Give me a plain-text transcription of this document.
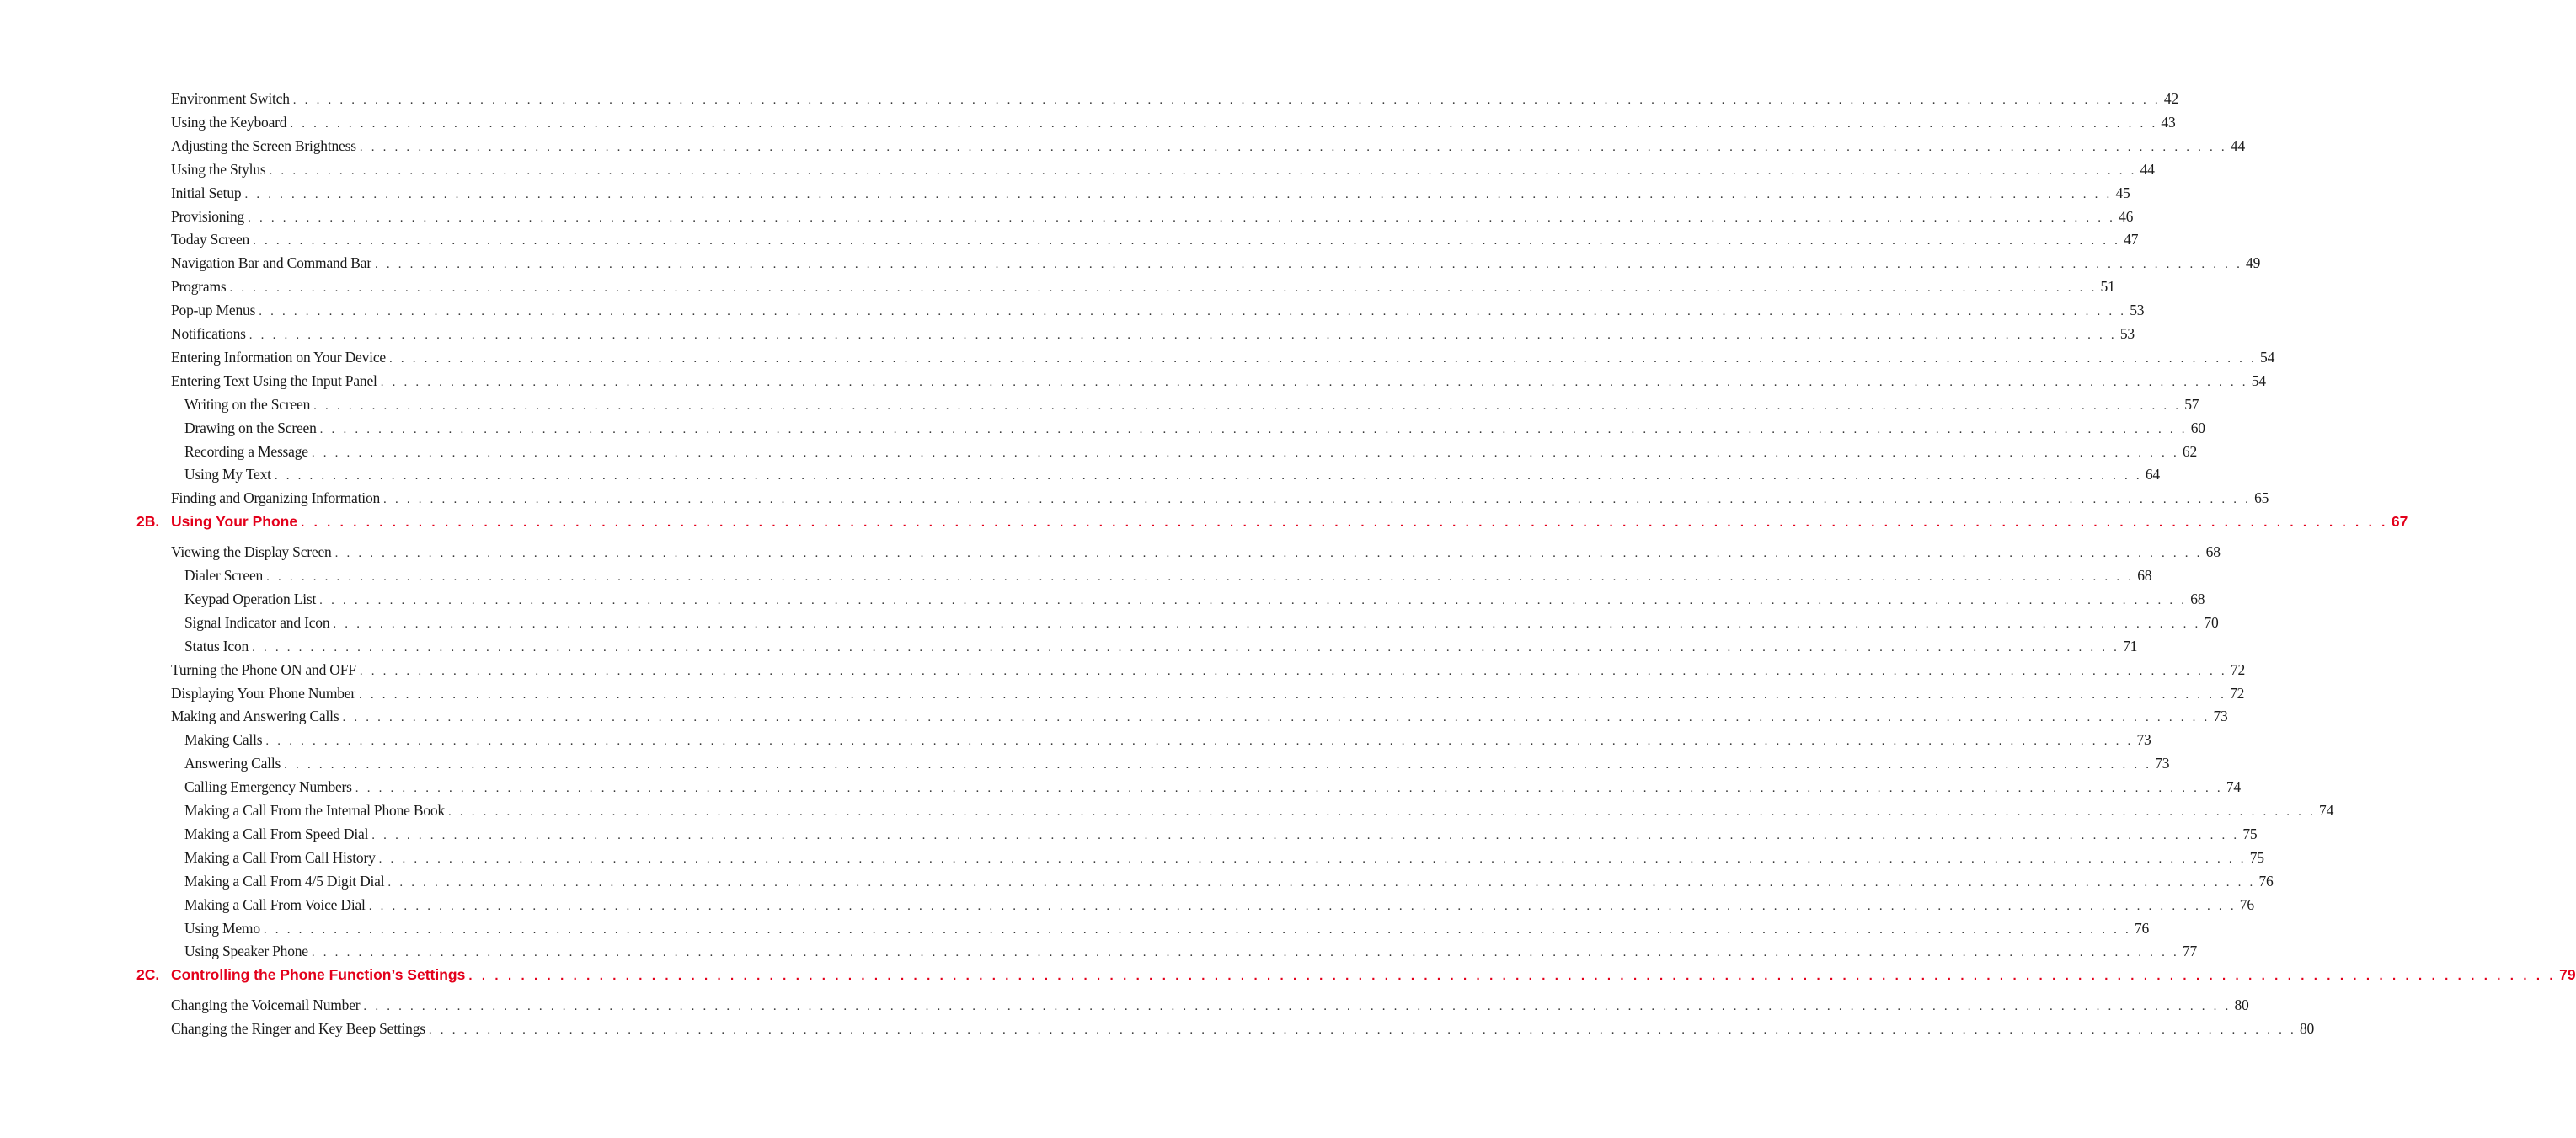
Environment Switch . . . . . . . . . . . . . . . . . . . . . . . . . . . . . . . . . . . . . . . . . . . . . . . . . . . . . . . . . . . . . . . . . . . . . . . . . . . . . . . . . . . . . . . . . . . . . . . . . . . . . . . . . . . . . . . . . . . . . . . . . . . . . . . . . . . . . . . . . . . . . . . . . . . . . . . . . . . . . . . . 42
Using the Keyboard . . . . . . . . . . . . . . . . . . . . . . . . . . . . . . . . . . . . . . . . . . . . . . . . . . . . . . . . . . . . . . . . . . . . . . . . . . . . . . . . . . . . . . . . . . . . . . . . . . . . . . . . . . . . . . . . . . . . . . . . . . . . . . . . . . . . . . . . . . . . . . . . . . . . . . . . . . . . . . . . 43
Adjusting the Screen Brightness . . . . . . . . . . . . . . . . . . . . . . . . . . . . . . . . . . . . . . . . . . . . . . . . . . . . . . . . . . . . . . . . . . . . . . . . . . . . . . . . . . . . . . . . . . . . . . . . . . . . . . . . . . . . . . . . . . . . . . . . . . . . . . . . . . . . . . . . . . . . . . . . . . . . . . . . . . . . . . . . 44
Using the Stylus . . . . . . . . . . . . . . . . . . . . . . . . . . . . . . . . . . . . . . . . . . . . . . . . . . . . . . . . . . . . . . . . . . . . . . . . . . . . . . . . . . . . . . . . . . . . . . . . . . . . . . . . . . . . . . . . . . . . . . . . . . . . . . . . . . . . . . . . . . . . . . . . . . . . . . . . . . . . . . . . 44
Initial Setup . . . . . . . . . . . . . . . . . . . . . . . . . . . . . . . . . . . . . . . . . . . . . . . . . . . . . . . . . . . . . . . . . . . . . . . . . . . . . . . . . . . . . . . . . . . . . . . . . . . . . . . . . . . . . . . . . . . . . . . . . . . . . . . . . . . . . . . . . . . . . . . . . . . . . . . . . . . . . . . . 45
Provisioning . . . . . . . . . . . . . . . . . . . . . . . . . . . . . . . . . . . . . . . . . . . . . . . . . . . . . . . . . . . . . . . . . . . . . . . . . . . . . . . . . . . . . . . . . . . . . . . . . . . . . . . . . . . . . . . . . . . . . . . . . . . . . . . . . . . . . . . . . . . . . . . . . . . . . . . . . . . . . . . . 46
Today Screen . . . . . . . . . . . . . . . . . . . . . . . . . . . . . . . . . . . . . . . . . . . . . . . . . . . . . . . . . . . . . . . . . . . . . . . . . . . . . . . . . . . . . . . . . . . . . . . . . . . . . . . . . . . . . . . . . . . . . . . . . . . . . . . . . . . . . . . . . . . . . . . . . . . . . . . . . . . . . . . . 47
Navigation Bar and Command Bar . . . . . . . . . . . . . . . . . . . . . . . . . . . . . . . . . . . . . . . . . . . . . . . . . . . . . . . . . . . . . . . . . . . . . . . . . . . . . . . . . . . . . . . . . . . . . . . . . . . . . . . . . . . . . . . . . . . . . . . . . . . . . . . . . . . . . . . . . . . . . . . . . . . . . . . . . . . . . . . . 49
Programs . . . . . . . . . . . . . . . . . . . . . . . . . . . . . . . . . . . . . . . . . . . . . . . . . . . . . . . . . . . . . . . . . . . . . . . . . . . . . . . . . . . . . . . . . . . . . . . . . . . . . . . . . . . . . . . . . . . . . . . . . . . . . . . . . . . . . . . . . . . . . . . . . . . . . . . . . . . . . . . . 51
Pop-up Menus . . . . . . . . . . . . . . . . . . . . . . . . . . . . . . . . . . . . . . . . . . . . . . . . . . . . . . . . . . . . . . . . . . . . . . . . . . . . . . . . . . . . . . . . . . . . . . . . . . . . . . . . . . . . . . . . . . . . . . . . . . . . . . . . . . . . . . . . . . . . . . . . . . . . . . . . . . . . . . . . 53
Notifications . . . . . . . . . . . . . . . . . . . . . . . . . . . . . . . . . . . . . . . . . . . . . . . . . . . . . . . . . . . . . . . . . . . . . . . . . . . . . . . . . . . . . . . . . . . . . . . . . . . . . . . . . . . . . . . . . . . . . . . . . . . . . . . . . . . . . . . . . . . . . . . . . . . . . . . . . . . . . . . . 53
Entering Information on Your Device . . . . . . . . . . . . . . . . . . . . . . . . . . . . . . . . . . . . . . . . . . . . . . . . . . . . . . . . . . . . . . . . . . . . . . . . . . . . . . . . . . . . . . . . . . . . . . . . . . . . . . . . . . . . . . . . . . . . . . . . . . . . . . . . . . . . . . . . . . . . . . . . . . . . . . . . . . . . . . . . 54
Entering Text Using the Input Panel . . . . . . . . . . . . . . . . . . . . . . . . . . . . . . . . . . . . . . . . . . . . . . . . . . . . . . . . . . . . . . . . . . . . . . . . . . . . . . . . . . . . . . . . . . . . . . . . . . . . . . . . . . . . . . . . . . . . . . . . . . . . . . . . . . . . . . . . . . . . . . . . . . . . . . . . . . . . . . . . 54
Writing on the Screen . . . . . . . . . . . . . . . . . . . . . . . . . . . . . . . . . . . . . . . . . . . . . . . . . . . . . . . . . . . . . . . . . . . . . . . . . . . . . . . . . . . . . . . . . . . . . . . . . . . . . . . . . . . . . . . . . . . . . . . . . . . . . . . . . . . . . . . . . . . . . . . . . . . . . . . . . . . . . . . . 57
Drawing on the Screen . . . . . . . . . . . . . . . . . . . . . . . . . . . . . . . . . . . . . . . . . . . . . . . . . . . . . . . . . . . . . . . . . . . . . . . . . . . . . . . . . . . . . . . . . . . . . . . . . . . . . . . . . . . . . . . . . . . . . . . . . . . . . . . . . . . . . . . . . . . . . . . . . . . . . . . . . . . . . . . . 60
Recording a Message . . . . . . . . . . . . . . . . . . . . . . . . . . . . . . . . . . . . . . . . . . . . . . . . . . . . . . . . . . . . . . . . . . . . . . . . . . . . . . . . . . . . . . . . . . . . . . . . . . . . . . . . . . . . . . . . . . . . . . . . . . . . . . . . . . . . . . . . . . . . . . . . . . . . . . . . . . . . . . . . 62
Using My Text . . . . . . . . . . . . . . . . . . . . . . . . . . . . . . . . . . . . . . . . . . . . . . . . . . . . . . . . . . . . . . . . . . . . . . . . . . . . . . . . . . . . . . . . . . . . . . . . . . . . . . . . . . . . . . . . . . . . . . . . . . . . . . . . . . . . . . . . . . . . . . . . . . . . . . . . . . . . . . . . 64
Finding and Organizing Information . . . . . . . . . . . . . . . . . . . . . . . . . . . . . . . . . . . . . . . . . . . . . . . . . . . . . . . . . . . . . . . . . . . . . . . . . . . . . . . . . . . . . . . . . . . . . . . . . . . . . . . . . . . . . . . . . . . . . . . . . . . . . . . . . . . . . . . . . . . . . . . . . . . . . . . . . . . . . . . . 65
2B. Using Your Phone . . . . . . . . . . . . . . . . . . . . . . . . . . . . . . . . . . . . . . . . . . . . . . . . . . . . . . . . . . . . . . . . . . . . . . . . . . . . . . . . . . . . . . . . . . . . . . . . . . . . . . . . . . . . . . . . . . . . . . . . . . . . . . . . . . . . . . . . . . . . . . . . . . . . . . . . . . . . . . . . 67
Viewing the Display Screen . . . . . . . . . . . . . . . . . . . . . . . . . . . . . . . . . . . . . . . . . . . . . . . . . . . . . . . . . . . . . . . . . . . . . . . . . . . . . . . . . . . . . . . . . . . . . . . . . . . . . . . . . . . . . . . . . . . . . . . . . . . . . . . . . . . . . . . . . . . . . . . . . . . . . . . . . . . . . . . . 68
Dialer Screen . . . . . . . . . . . . . . . . . . . . . . . . . . . . . . . . . . . . . . . . . . . . . . . . . . . . . . . . . . . . . . . . . . . . . . . . . . . . . . . . . . . . . . . . . . . . . . . . . . . . . . . . . . . . . . . . . . . . . . . . . . . . . . . . . . . . . . . . . . . . . . . . . . . . . . . . . . . . . . . . 68
Keypad Operation List . . . . . . . . . . . . . . . . . . . . . . . . . . . . . . . . . . . . . . . . . . . . . . . . . . . . . . . . . . . . . . . . . . . . . . . . . . . . . . . . . . . . . . . . . . . . . . . . . . . . . . . . . . . . . . . . . . . . . . . . . . . . . . . . . . . . . . . . . . . . . . . . . . . . . . . . . . . . . . . . 68
Signal Indicator and Icon . . . . . . . . . . . . . . . . . . . . . . . . . . . . . . . . . . . . . . . . . . . . . . . . . . . . . . . . . . . . . . . . . . . . . . . . . . . . . . . . . . . . . . . . . . . . . . . . . . . . . . . . . . . . . . . . . . . . . . . . . . . . . . . . . . . . . . . . . . . . . . . . . . . . . . . . . . . . . . . . 70
Status Icon . . . . . . . . . . . . . . . . . . . . . . . . . . . . . . . . . . . . . . . . . . . . . . . . . . . . . . . . . . . . . . . . . . . . . . . . . . . . . . . . . . . . . . . . . . . . . . . . . . . . . . . . . . . . . . . . . . . . . . . . . . . . . . . . . . . . . . . . . . . . . . . . . . . . . . . . . . . . . . . . 71
Turning the Phone ON and OFF . . . . . . . . . . . . . . . . . . . . . . . . . . . . . . . . . . . . . . . . . . . . . . . . . . . . . . . . . . . . . . . . . . . . . . . . . . . . . . . . . . . . . . . . . . . . . . . . . . . . . . . . . . . . . . . . . . . . . . . . . . . . . . . . . . . . . . . . . . . . . . . . . . . . . . . . . . . . . . . . 72
Displaying Your Phone Number . . . . . . . . . . . . . . . . . . . . . . . . . . . . . . . . . . . . . . . . . . . . . . . . . . . . . . . . . . . . . . . . . . . . . . . . . . . . . . . . . . . . . . . . . . . . . . . . . . . . . . . . . . . . . . . . . . . . . . . . . . . . . . . . . . . . . . . . . . . . . . . . . . . . . . . . . . . . . . . . 72
Making and Answering Calls . . . . . . . . . . . . . . . . . . . . . . . . . . . . . . . . . . . . . . . . . . . . . . . . . . . . . . . . . . . . . . . . . . . . . . . . . . . . . . . . . . . . . . . . . . . . . . . . . . . . . . . . . . . . . . . . . . . . . . . . . . . . . . . . . . . . . . . . . . . . . . . . . . . . . . . . . . . . . . . . 73
Making Calls . . . . . . . . . . . . . . . . . . . . . . . . . . . . . . . . . . . . . . . . . . . . . . . . . . . . . . . . . . . . . . . . . . . . . . . . . . . . . . . . . . . . . . . . . . . . . . . . . . . . . . . . . . . . . . . . . . . . . . . . . . . . . . . . . . . . . . . . . . . . . . . . . . . . . . . . . . . . . . . . 73
Answering Calls . . . . . . . . . . . . . . . . . . . . . . . . . . . . . . . . . . . . . . . . . . . . . . . . . . . . . . . . . . . . . . . . . . . . . . . . . . . . . . . . . . . . . . . . . . . . . . . . . . . . . . . . . . . . . . . . . . . . . . . . . . . . . . . . . . . . . . . . . . . . . . . . . . . . . . . . . . . . . . . . 73
Calling Emergency Numbers . . . . . . . . . . . . . . . . . . . . . . . . . . . . . . . . . . . . . . . . . . . . . . . . . . . . . . . . . . . . . . . . . . . . . . . . . . . . . . . . . . . . . . . . . . . . . . . . . . . . . . . . . . . . . . . . . . . . . . . . . . . . . . . . . . . . . . . . . . . . . . . . . . . . . . . . . . . . . . . . 74
Making a Call From the Internal Phone Book . . . . . . . . . . . . . . . . . . . . . . . . . . . . . . . . . . . . . . . . . . . . . . . . . . . . . . . . . . . . . . . . . . . . . . . . . . . . . . . . . . . . . . . . . . . . . . . . . . . . . . . . . . . . . . . . . . . . . . . . . . . . . . . . . . . . . . . . . . . . . . . . . . . . . . . . . . . . . . . . 74
Making a Call From Speed Dial . . . . . . . . . . . . . . . . . . . . . . . . . . . . . . . . . . . . . . . . . . . . . . . . . . . . . . . . . . . . . . . . . . . . . . . . . . . . . . . . . . . . . . . . . . . . . . . . . . . . . . . . . . . . . . . . . . . . . . . . . . . . . . . . . . . . . . . . . . . . . . . . . . . . . . . . . . . . . . . . 75
Making a Call From Call History . . . . . . . . . . . . . . . . . . . . . . . . . . . . . . . . . . . . . . . . . . . . . . . . . . . . . . . . . . . . . . . . . . . . . . . . . . . . . . . . . . . . . . . . . . . . . . . . . . . . . . . . . . . . . . . . . . . . . . . . . . . . . . . . . . . . . . . . . . . . . . . . . . . . . . . . . . . . . . . . 75
Making a Call From 4/5 Digit Dial . . . . . . . . . . . . . . . . . . . . . . . . . . . . . . . . . . . . . . . . . . . . . . . . . . . . . . . . . . . . . . . . . . . . . . . . . . . . . . . . . . . . . . . . . . . . . . . . . . . . . . . . . . . . . . . . . . . . . . . . . . . . . . . . . . . . . . . . . . . . . . . . . . . . . . . . . . . . . . . . 76
Making a Call From Voice Dial . . . . . . . . . . . . . . . . . . . . . . . . . . . . . . . . . . . . . . . . . . . . . . . . . . . . . . . . . . . . . . . . . . . . . . . . . . . . . . . . . . . . . . . . . . . . . . . . . . . . . . . . . . . . . . . . . . . . . . . . . . . . . . . . . . . . . . . . . . . . . . . . . . . . . . . . . . . . . . . . 76
Using Memo . . . . . . . . . . . . . . . . . . . . . . . . . . . . . . . . . . . . . . . . . . . . . . . . . . . . . . . . . . . . . . . . . . . . . . . . . . . . . . . . . . . . . . . . . . . . . . . . . . . . . . . . . . . . . . . . . . . . . . . . . . . . . . . . . . . . . . . . . . . . . . . . . . . . . . . . . . . . . . . . 76
Using Speaker Phone . . . . . . . . . . . . . . . . . . . . . . . . . . . . . . . . . . . . . . . . . . . . . . . . . . . . . . . . . . . . . . . . . . . . . . . . . . . . . . . . . . . . . . . . . . . . . . . . . . . . . . . . . . . . . . . . . . . . . . . . . . . . . . . . . . . . . . . . . . . . . . . . . . . . . . . . . . . . . . . . 77
2C. Controlling the Phone Function’s Settings . . . . . . . . . . . . . . . . . . . . . . . . . . . . . . . . . . . . . . . . . . . . . . . . . . . . . . . . . . . . . . . . . . . . . . . . . . . . . . . . . . . . . . . . . . . . . . . . . . . . . . . . . . . . . . . . . . . . . . . . . . . . . . . . . . . . . . . . . . . . . . . . . . . . . . . . . . . . . . . . 79
Changing the Voicemail Number . . . . . . . . . . . . . . . . . . . . . . . . . . . . . . . . . . . . . . . . . . . . . . . . . . . . . . . . . . . . . . . . . . . . . . . . . . . . . . . . . . . . . . . . . . . . . . . . . . . . . . . . . . . . . . . . . . . . . . . . . . . . . . . . . . . . . . . . . . . . . . . . . . . . . . . . . . . . . . . . 80
Changing the Ringer and Key Beep Settings . . . . . . . . . . . . . . . . . . . . . . . . . . . . . . . . . . . . . . . . . . . . . . . . . . . . . . . . . . . . . . . . . . . . . . . . . . . . . . . . . . . . . . . . . . . . . . . . . . . . . . . . . . . . . . . . . . . . . . . . . . . . . . . . . . . . . . . . . . . . . . . . . . . . . . . . . . . . . . . . 80
